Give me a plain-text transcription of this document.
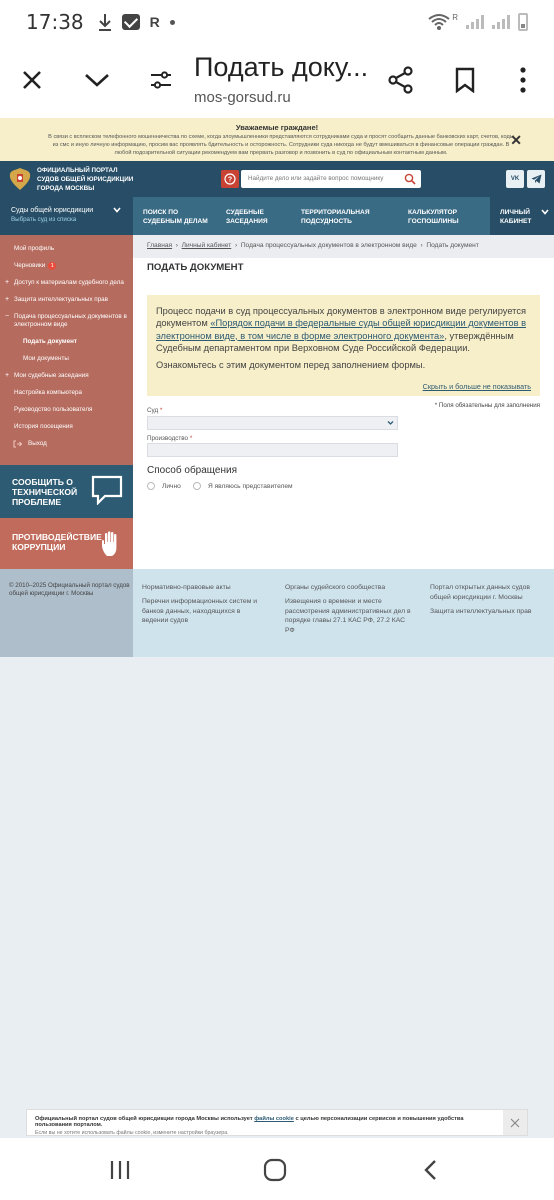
17:38	R	R
Подать доку...
mos-gorsud.ru
Уважаемые граждане!
В связи с всплеском телефонного мошенничества по схеме, когда злоумышленники представляются сотрудниками суда и просят сообщить данные банковских карт, счетов, коды из смс и иную личную информацию, просим вас проявлять бдительность и осторожность. Сотрудники суда никогда не будут вмешиваться в финансовые операции граждан. В любой подозрительной ситуации рекомендуем вам прервать разговор и позвонить в суд по официальным контактным данным.
✕
ОФИЦИАЛЬНЫЙ ПОРТАЛ СУДОВ ОБЩЕЙ ЮРИСДИКЦИИ ГОРОДА МОСКВЫ
?	Найдите дело или задайте вопрос помощнику	VK
Суды общей юрисдикции
Выбрать суд из списка
ПОИСК ПО СУДЕБНЫМ ДЕЛАМ
СУДЕБНЫЕ ЗАСЕДАНИЯ
ТЕРРИТОРИАЛЬНАЯ ПОДСУДНОСТЬ
КАЛЬКУЛЯТОР ГОСПОШЛИНЫ
ЛИЧНЫЙ КАБИНЕТ
Мой профиль
Черновики 1
+ Доступ к материалам судебного дела
+ Защита интеллектуальных прав
− Подача процессуальных документов в электронном виде
Подать документ
Мои документы
+ Мои судебные заседания
Настройка компьютера
Руководство пользователя
История посещения
Выход
СООБЩИТЬ О ТЕХНИЧЕСКОЙ ПРОБЛЕМЕ
ПРОТИВОДЕЙСТВИЕ КОРРУПЦИИ
Главная › Личный кабинет › Подача процессуальных документов в электронном виде › Подать документ
ПОДАТЬ ДОКУМЕНТ

Процесс подачи в суд процессуальных документов в электронном виде регулируется документом «Порядок подачи в федеральные суды общей юрисдикции документов в электронном виде, в том числе в форме электронного документа», утверждённым Судебным департаментом при Верховном Суде Российской Федерации.

Ознакомьтесь с этим документом перед заполнением формы.

Скрыть и больше не показывать
* Поля обязательны для заполнения
Суд *
Производство *
Способ обращения
Лично	Я являюсь представителем
© 2010–2025 Официальный портал судов общей юрисдикции г. Москвы
Нормативно-правовые акты
Перечни информационных систем и банков данных, находящихся в ведении судов
Органы судейского сообщества
Извещения о времени и месте рассмотрения административных дел в порядке главы 27.1 КАС РФ, 27.2 КАС РФ
Портал открытых данных судов общей юрисдикции г. Москвы
Защита интеллектуальных прав
Официальный портал судов общей юрисдикции города Москвы использует файлы cookie с целью персонализации сервисов и повышения удобства пользования порталом.
Если вы не хотите использовать файлы cookie, измените настройки браузера.
